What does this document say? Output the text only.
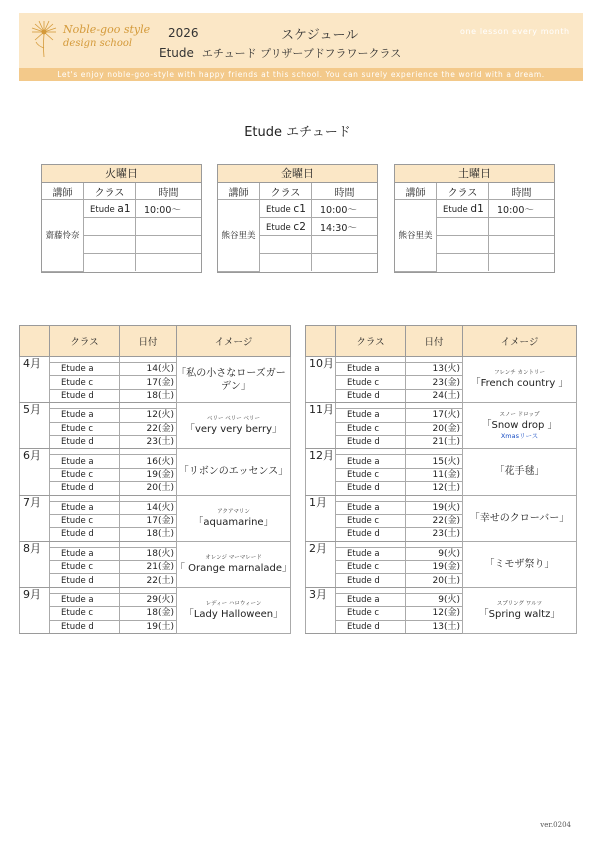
Noble-goo style
design school
2026	スケジュール
Etude エチュード プリザーブドフラワークラス
one lesson every month
Let's enjoy noble-goo-style with happy friends at this school. You can surely experience the world with a dream.
Etude エチュード
火曜日
講師	クラス	時間
齋藤怜奈	Etude a1	10:00～

金曜日
講師	クラス	時間
熊谷里美	Etude c1	10:00～
	Etude c2	14:30～

土曜日
講師	クラス	時間
熊谷里美	Etude d1	10:00～

	クラス	日付	イメージ
4月			｢私の小さなローズガーデン｣

	Etude a	14(火)	
	Etude c	17(金)	
	Etude d	18(土)	
5月			ベリー ベリー ベリー
｢very very berry｣

	Etude a	12(火)	
	Etude c	22(金)	
	Etude d	23(土)	
6月			｢リボンのエッセンス｣

	Etude a	16(火)	
	Etude c	19(金)	
	Etude d	20(土)	
7月			アクアマリン
｢aquamarine｣

	Etude a	14(火)	
	Etude c	17(金)	
	Etude d	18(土)	
8月			オレンジ マーマレード
｢ Orange marnalade｣

	Etude a	18(火)	
	Etude c	21(金)	
	Etude d	22(土)	
9月			レディー ハロウィーン
｢Lady Halloween｣

	Etude a	29(火)	
	Etude c	18(金)	
	Etude d	19(土)	
	クラス	日付	イメージ
10月			フレンチ カントリー
｢French country ｣

	Etude a	13(火)	
	Etude c	23(金)	
	Etude d	24(土)	
11月			スノー ドロップ
｢Snow drop ｣
Xmasリース

	Etude a	17(火)	
	Etude c	20(金)	
	Etude d	21(土)	
12月			｢花手毬｣

	Etude a	15(火)	
	Etude c	11(金)	
	Etude d	12(土)	
1月			｢幸せのクローバー｣

	Etude a	19(火)	
	Etude c	22(金)	
	Etude d	23(土)	
2月			｢ミモザ祭り｣

	Etude a	9(火)	
	Etude c	19(金)	
	Etude d	20(土)	
3月			スプリング ワルツ
｢Spring waltz｣

	Etude a	9(火)	
	Etude c	12(金)	
	Etude d	13(土)	
ver.0204
